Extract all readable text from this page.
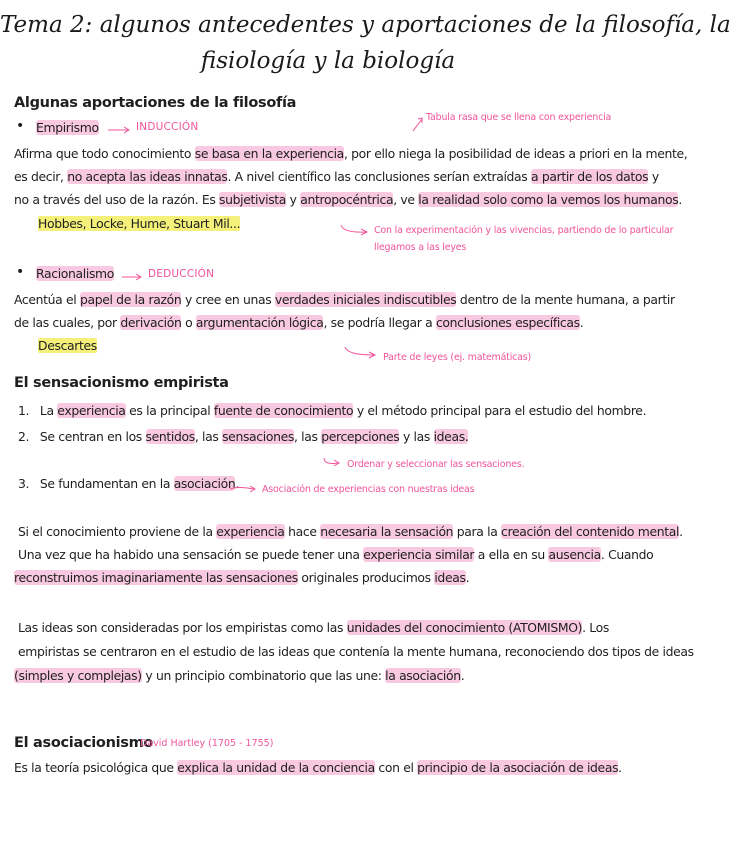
Tema 2: algunos antecedentes y aportaciones de la filosofía, la
fisiología y la biología
Algunas aportaciones de la filosofía
• Empirismo	INDUCCIÓN
Tabula rasa que se llena con experiencia
Afirma que todo conocimiento se basa en la experiencia, por ello niega la posibilidad de ideas a priori en la mente,
es decir, no acepta las ideas innatas. A nivel científico las conclusiones serían extraídas a partir de los datos y
no a través del uso de la razón. Es subjetivista y antropocéntrica, ve la realidad solo como la vemos los humanos.
Hobbes, Locke, Hume, Stuart Mil...	Con la experimentación y las vivencias, partiendo de lo particular
llegamos a las leyes
• Racionalismo	DEDUCCIÓN
Acentúa el papel de la razón y cree en unas verdades iniciales indiscutibles dentro de la mente humana, a partir
de las cuales, por derivación o argumentación lógica, se podría llegar a conclusiones específicas.
Descartes
Parte de leyes (ej. matemáticas)
El sensacionismo empirista
1. La experiencia es la principal fuente de conocimiento y el método principal para el estudio del hombre.
2. Se centran en los sentidos, las sensaciones, las percepciones y las ideas.
Ordenar y seleccionar las sensaciones.
3. Se fundamentan en la asociación. Asociación de experiencias con nuestras ideas
Si el conocimiento proviene de la experiencia hace necesaria la sensación para la creación del contenido mental.
Una vez que ha habido una sensación se puede tener una experiencia similar a ella en su ausencia. Cuando
reconstruimos imaginariamente las sensaciones originales producimos ideas.
Las ideas son consideradas por los empiristas como las unidades del conocimiento (ATOMISMO). Los
empiristas se centraron en el estudio de las ideas que contenía la mente humana, reconociendo dos tipos de ideas
(simples y complejas) y un principio combinatorio que las une: la asociación.
El asociacionismo
David Hartley (1705 - 1755)
Es la teoría psicológica que explica la unidad de la conciencia con el principio de la asociación de ideas.
